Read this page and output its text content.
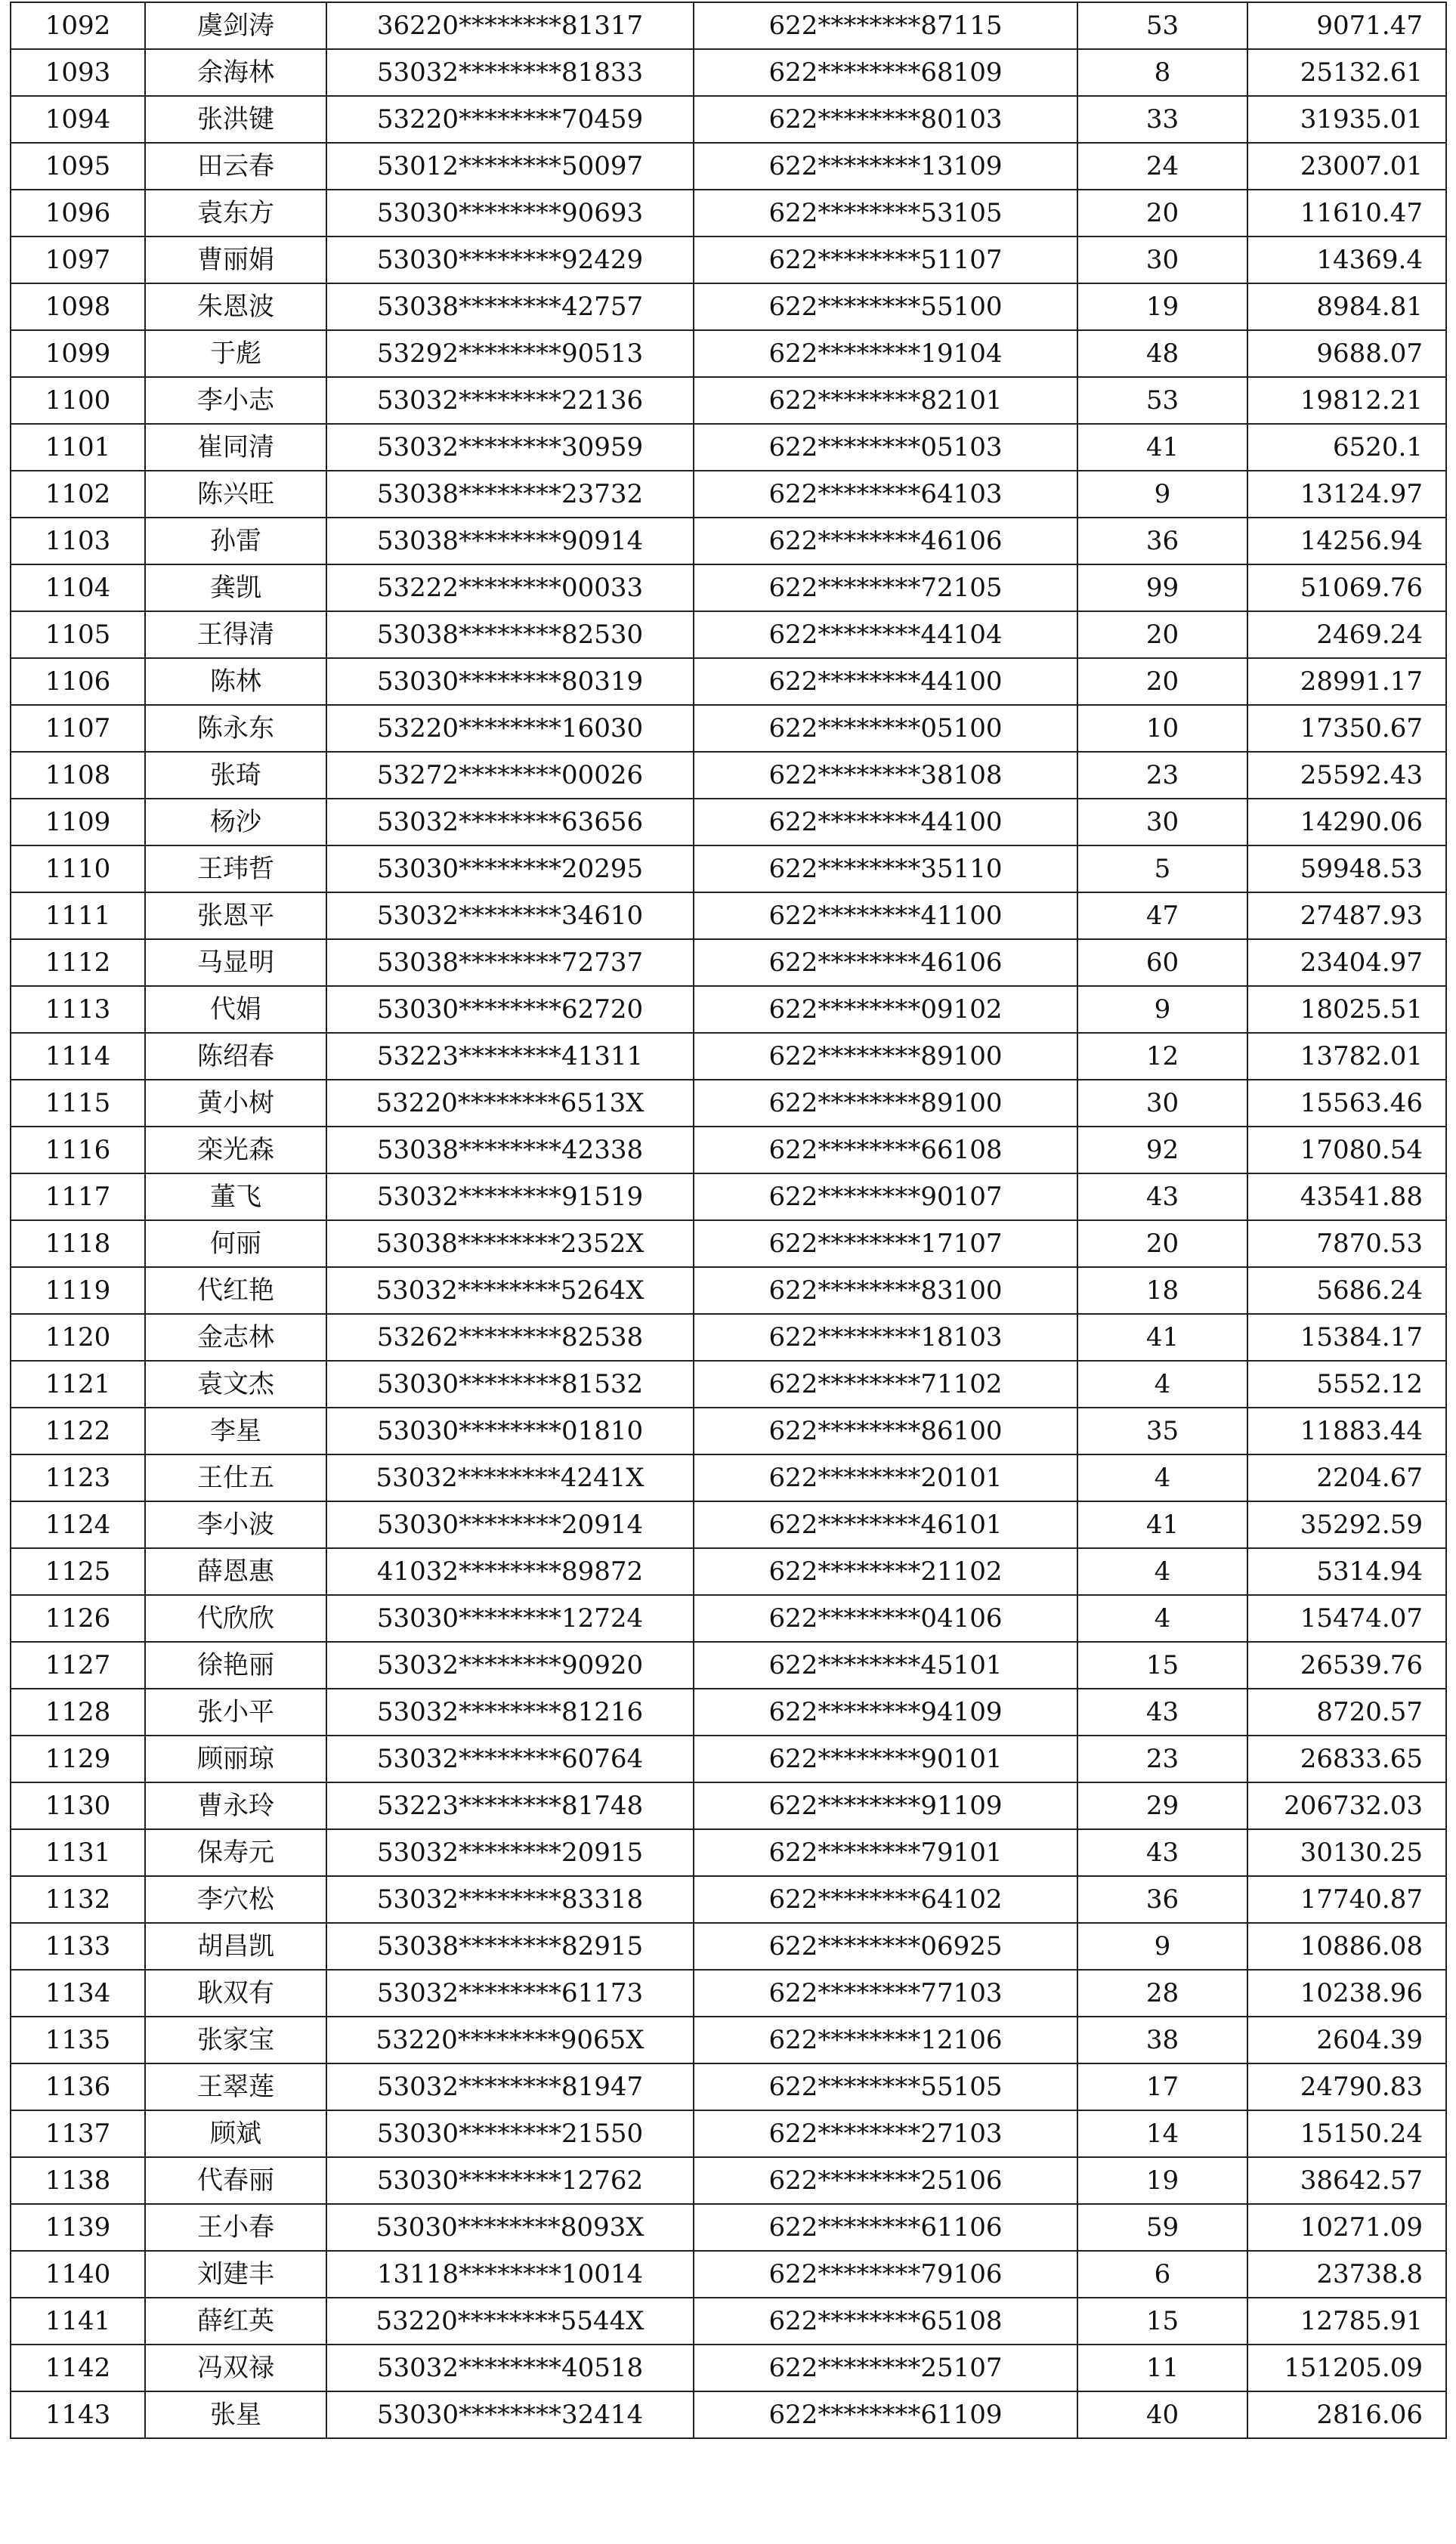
1092	虞剑涛	36220********81317	622********87115	53	9071.47
1093	余海林	53032********81833	622********68109	8	25132.61
1094	张洪键	53220********70459	622********80103	33	31935.01
1095	田云春	53012********50097	622********13109	24	23007.01
1096	袁东方	53030********90693	622********53105	20	11610.47
1097	曹丽娟	53030********92429	622********51107	30	14369.4
1098	朱恩波	53038********42757	622********55100	19	8984.81
1099	于彪	53292********90513	622********19104	48	9688.07
1100	李小志	53032********22136	622********82101	53	19812.21
1101	崔同清	53032********30959	622********05103	41	6520.1
1102	陈兴旺	53038********23732	622********64103	9	13124.97
1103	孙雷	53038********90914	622********46106	36	14256.94
1104	龚凯	53222********00033	622********72105	99	51069.76
1105	王得清	53038********82530	622********44104	20	2469.24
1106	陈林	53030********80319	622********44100	20	28991.17
1107	陈永东	53220********16030	622********05100	10	17350.67
1108	张琦	53272********00026	622********38108	23	25592.43
1109	杨沙	53032********63656	622********44100	30	14290.06
1110	王玮哲	53030********20295	622********35110	5	59948.53
1111	张恩平	53032********34610	622********41100	47	27487.93
1112	马显明	53038********72737	622********46106	60	23404.97
1113	代娟	53030********62720	622********09102	9	18025.51
1114	陈绍春	53223********41311	622********89100	12	13782.01
1115	黄小树	53220********6513X	622********89100	30	15563.46
1116	栾光森	53038********42338	622********66108	92	17080.54
1117	董飞	53032********91519	622********90107	43	43541.88
1118	何丽	53038********2352X	622********17107	20	7870.53
1119	代红艳	53032********5264X	622********83100	18	5686.24
1120	金志林	53262********82538	622********18103	41	15384.17
1121	袁文杰	53030********81532	622********71102	4	5552.12
1122	李星	53030********01810	622********86100	35	11883.44
1123	王仕五	53032********4241X	622********20101	4	2204.67
1124	李小波	53030********20914	622********46101	41	35292.59
1125	薛恩惠	41032********89872	622********21102	4	5314.94
1126	代欣欣	53030********12724	622********04106	4	15474.07
1127	徐艳丽	53032********90920	622********45101	15	26539.76
1128	张小平	53032********81216	622********94109	43	8720.57
1129	顾丽琼	53032********60764	622********90101	23	26833.65
1130	曹永玲	53223********81748	622********91109	29	206732.03
1131	保寿元	53032********20915	622********79101	43	30130.25
1132	李穴松	53032********83318	622********64102	36	17740.87
1133	胡昌凯	53038********82915	622********06925	9	10886.08
1134	耿双有	53032********61173	622********77103	28	10238.96
1135	张家宝	53220********9065X	622********12106	38	2604.39
1136	王翠莲	53032********81947	622********55105	17	24790.83
1137	顾斌	53030********21550	622********27103	14	15150.24
1138	代春丽	53030********12762	622********25106	19	38642.57
1139	王小春	53030********8093X	622********61106	59	10271.09
1140	刘建丰	13118********10014	622********79106	6	23738.8
1141	薛红英	53220********5544X	622********65108	15	12785.91
1142	冯双禄	53032********40518	622********25107	11	151205.09
1143	张星	53030********32414	622********61109	40	2816.06
